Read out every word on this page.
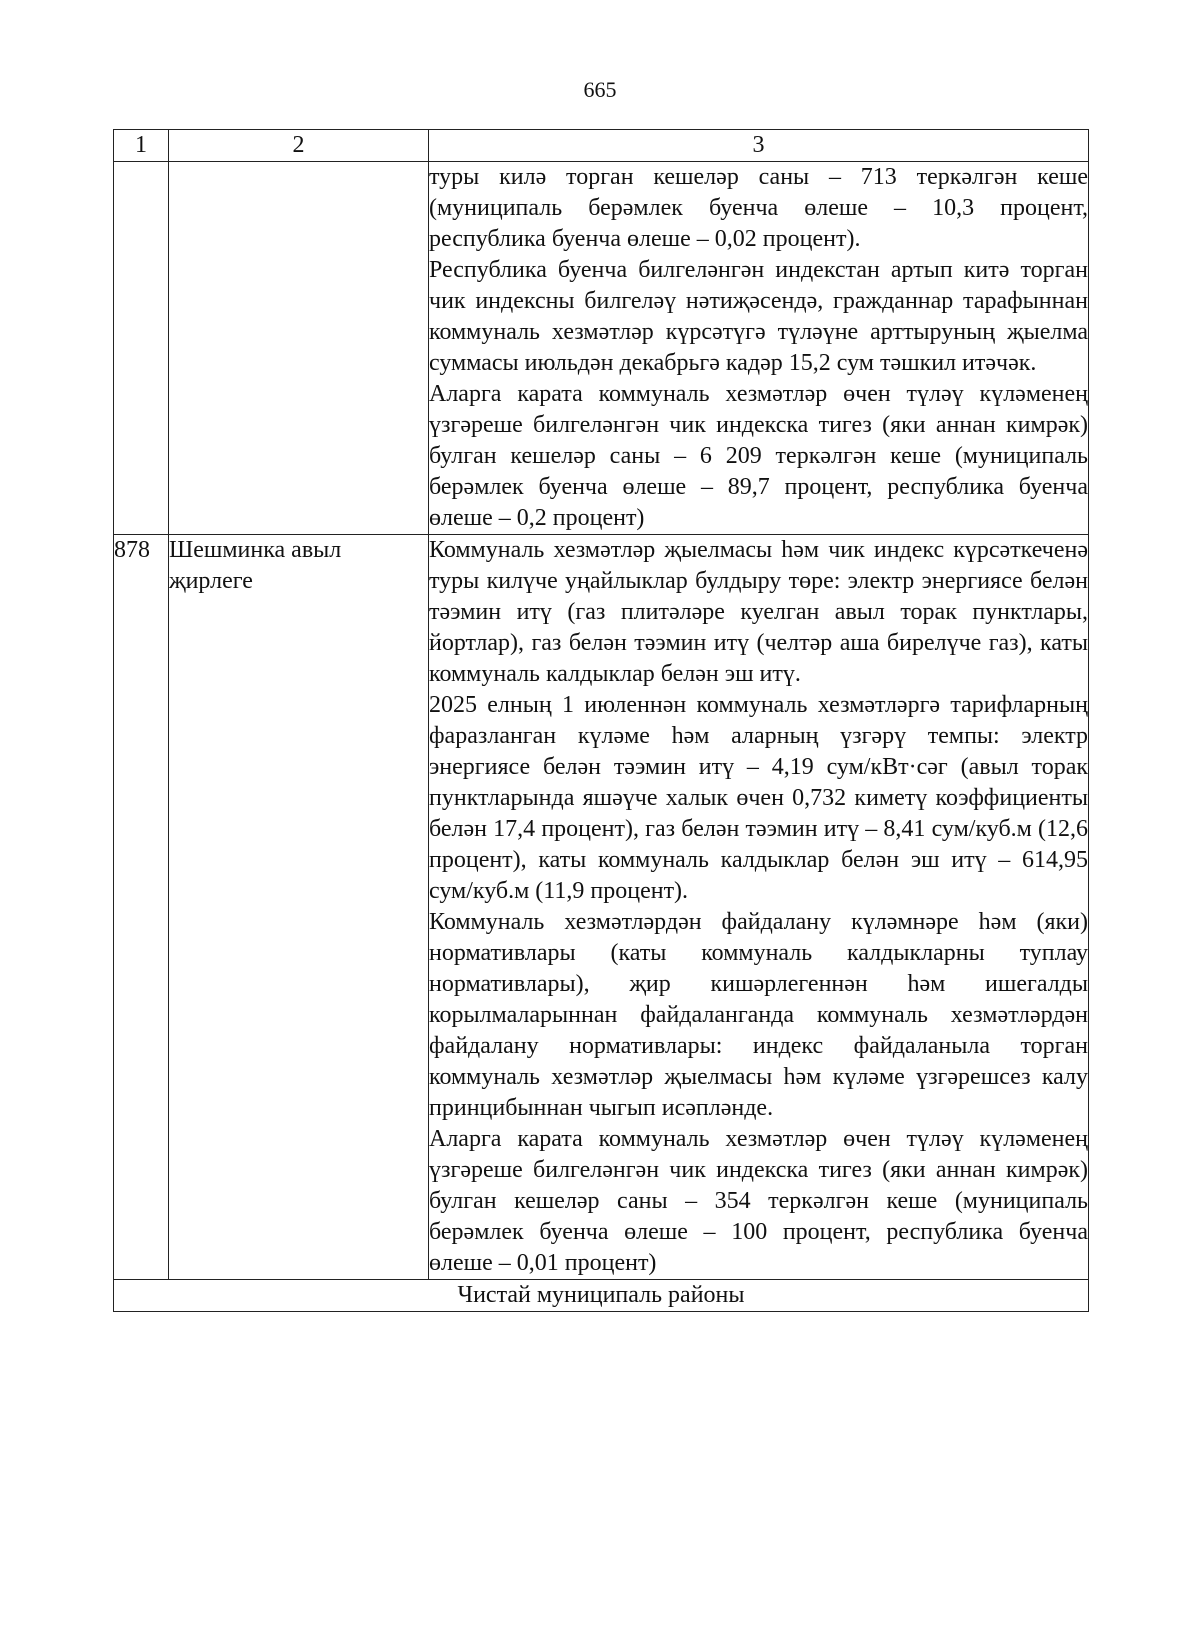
665
1	2	3

		туры килә торган кешеләр саны – 713 теркәлгән кеше (муниципаль берәмлек буенча өлеше – 10,3 процент, республика буенча өлеше – 0,02 процент).

Республика буенча билгеләнгән индекстан артып китә торган чик индексны билгеләү нәтиҗәсендә, гражданнар тарафыннан коммуналь хезмәтләр күрсәтүгә түләүне арттыруның җыелма суммасы июльдән декабрьгә кадәр 15,2 сум тәшкил итәчәк.

Аларга карата коммуналь хезмәтләр өчен түләү күләменең үзгәреше билгеләнгән чик индекска тигез (яки аннан кимрәк) булган кешеләр саны – 6 209 теркәлгән кеше (муниципаль берәмлек буенча өлеше – 89,7 процент, республика буенча өлеше – 0,2 процент)

878	Шешминка авыл җирлеге	Коммуналь хезмәтләр җыелмасы һәм чик индекс күрсәткеченә туры килүче уңайлыклар булдыру төре: электр энергиясе белән тәэмин итү (газ плитәләре куелган авыл торак пунктлары, йортлар), газ белән тәэмин итү (челтәр аша бирелүче газ), каты коммуналь калдыклар белән эш итү.

2025 елның 1 июленнән коммуналь хезмәтләргә тарифларның фаразланган күләме һәм аларның үзгәрү темпы: электр энергиясе белән тәэмин итү – 4,19 сум/кВт·сәг (авыл торак пунктларында яшәүче халык өчен 0,732 киметү коэффициенты белән 17,4 процент), газ белән тәэмин итү – 8,41 сум/куб.м (12,6 процент), каты коммуналь калдыклар белән эш итү – 614,95 сум/куб.м (11,9 процент).

Коммуналь хезмәтләрдән файдалану күләмнәре һәм (яки) нормативлары (каты коммуналь калдыкларны туплау нормативлары), җир кишәрлегеннән һәм ишегалды корылмаларыннан файдаланганда коммуналь хезмәтләрдән файдалану нормативлары: индекс файдаланыла торган коммуналь хезмәтләр җыелмасы һәм күләме үзгәрешсез калу принцибыннан чыгып исәпләнде.

Аларга карата коммуналь хезмәтләр өчен түләү күләменең үзгәреше билгеләнгән чик индекска тигез (яки аннан кимрәк) булган кешеләр саны – 354 теркәлгән кеше (муниципаль берәмлек буенча өлеше – 100 процент, республика буенча өлеше – 0,01 процент)

Чистай муниципаль районы		
